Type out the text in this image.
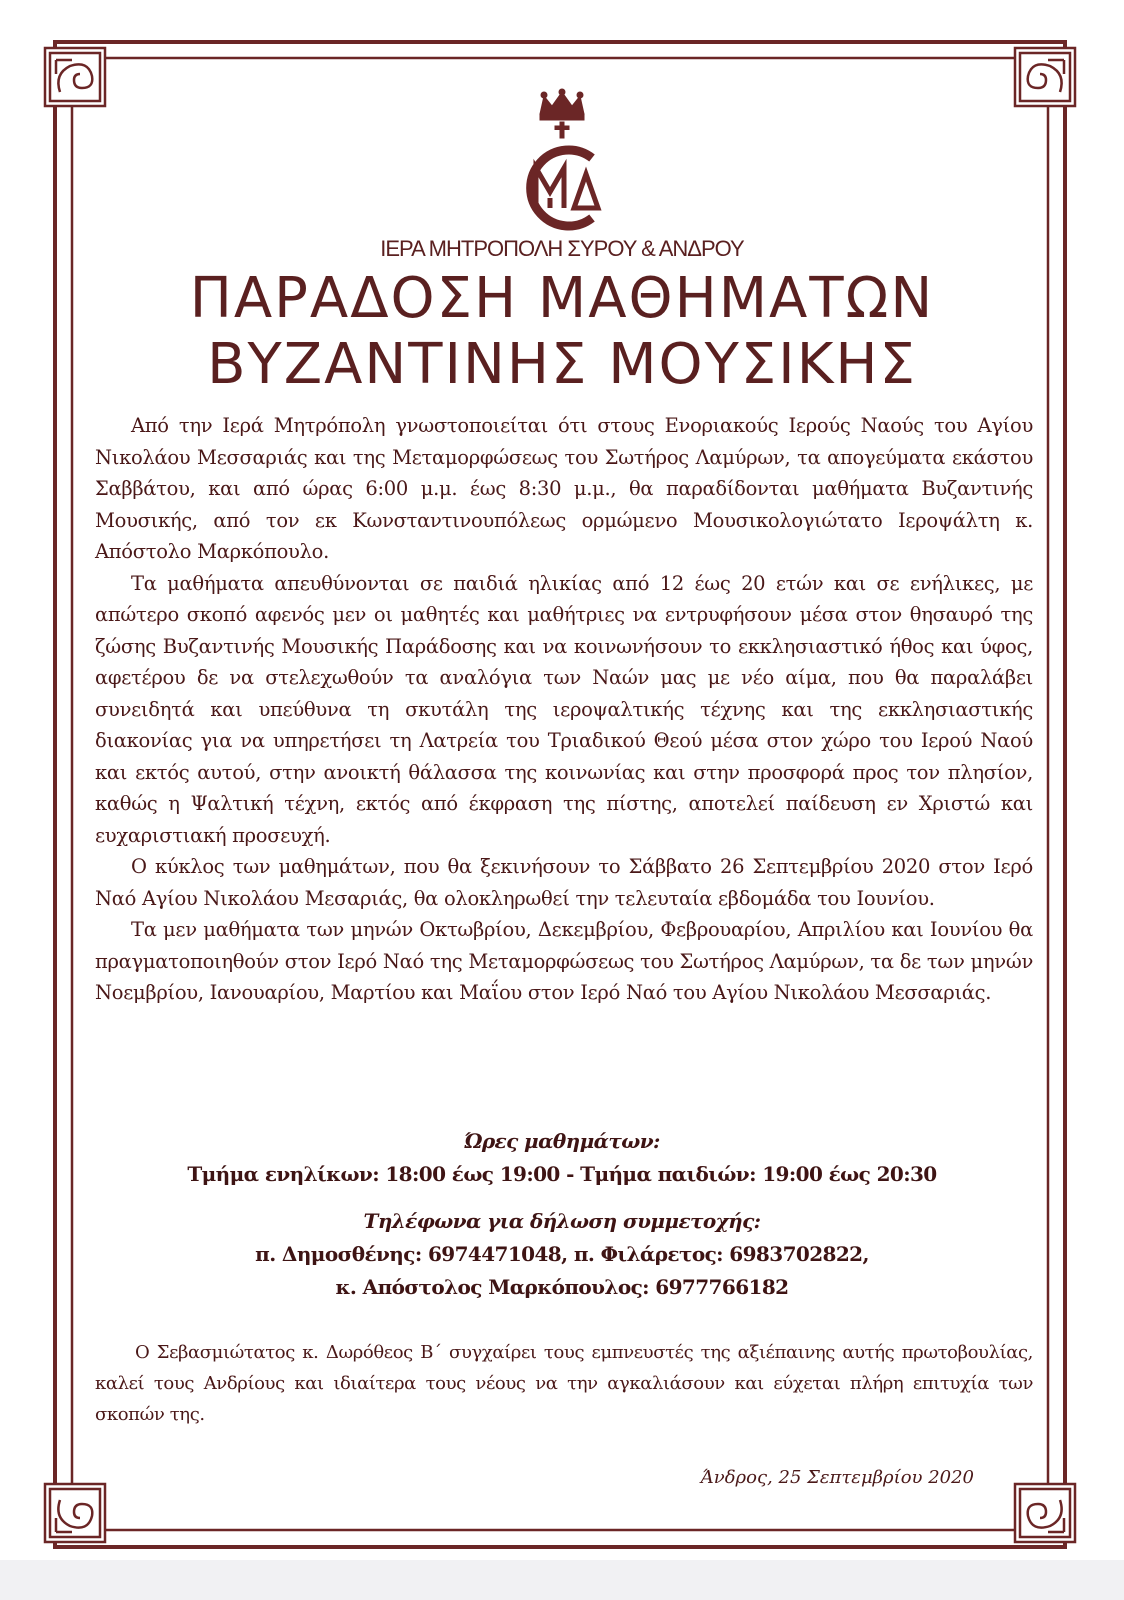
ΙΕΡΑ ΜΗΤΡΟΠΟΛΗ ΣΥΡΟΥ & ΑΝΔΡΟΥ
ΠΑΡΑΔΟΣΗ ΜΑΘΗΜΑΤΩΝ
ΒΥΖΑΝΤΙΝΗΣ ΜΟΥΣΙΚΗΣ

Από την Ιερά Μητρόπολη γνωστοποιείται ότι στους Ενοριακούς Ιερούς Ναούς του Αγίου Νικολάου Μεσσαριάς και της Μεταμορφώσεως του Σωτήρος Λαμύρων, τα απογεύματα εκάστου Σαββάτου, και από ώρας 6:00 μ.μ. έως 8:30 μ.μ., θα παραδίδονται μαθήματα Βυζαντινής Μουσικής, από τον εκ Κωνσταντινουπόλεως ορμώμενο Μουσικολογιώτατο Ιεροψάλτη κ. Απόστολο Μαρκόπουλο.

Τα μαθήματα απευθύνονται σε παιδιά ηλικίας από 12 έως 20 ετών και σε ενήλικες, με απώτερο σκοπό αφενός μεν οι μαθητές και μαθήτριες να εντρυφήσουν μέσα στον θησαυρό της ζώσης Βυζαντινής Μουσικής Παράδοσης και να κοινωνήσουν το εκκλησιαστικό ήθος και ύφος, αφετέρου δε να στελεχωθούν τα αναλόγια των Ναών μας με νέο αίμα, που θα παραλάβει συνειδητά και υπεύθυνα τη σκυτάλη της ιεροψαλτικής τέχνης και της εκκλησιαστικής διακονίας για να υπηρετήσει τη Λατρεία του Τριαδικού Θεού μέσα στον χώρο του Ιερού Ναού και εκτός αυτού, στην ανοικτή θάλασσα της κοινωνίας και στην προσφορά προς τον πλησίον, καθώς η Ψαλτική τέχνη, εκτός από έκφραση της πίστης, αποτελεί παίδευση εν Χριστώ και ευχαριστιακή προσευχή.

Ο κύκλος των μαθημάτων, που θα ξεκινήσουν το Σάββατο 26 Σεπτεμβρίου 2020 στον Ιερό Ναό Αγίου Νικολάου Μεσαριάς, θα ολοκληρωθεί την τελευταία εβδομάδα του Ιουνίου.

Τα μεν μαθήματα των μηνών Οκτωβρίου, Δεκεμβρίου, Φεβρουαρίου, Απριλίου και Ιουνίου θα πραγματοποιηθούν στον Ιερό Ναό της Μεταμορφώσεως του Σωτήρος Λαμύρων, τα δε των μηνών Νοεμβρίου, Ιανουαρίου, Μαρτίου και Μαΐου στον Ιερό Ναό του Αγίου Νικολάου Μεσσαριάς.

Ώρες μαθημάτων:
Τμήμα ενηλίκων: 18:00 έως 19:00 - Τμήμα παιδιών: 19:00 έως 20:30
Τηλέφωνα για δήλωση συμμετοχής:
π. Δημοσθένης: 6974471048, π. Φιλάρετος: 6983702822,
κ. Απόστολος Μαρκόπουλος: 6977766182

Ο Σεβασμιώτατος κ. Δωρόθεος Β΄ συγχαίρει τους εμπνευστές της αξιέπαινης αυτής πρωτοβουλίας, καλεί τους Ανδρίους και ιδιαίτερα τους νέους να την αγκαλιάσουν και εύχεται πλήρη επιτυχία των σκοπών της.

Άνδρος, 25 Σεπτεμβρίου 2020
